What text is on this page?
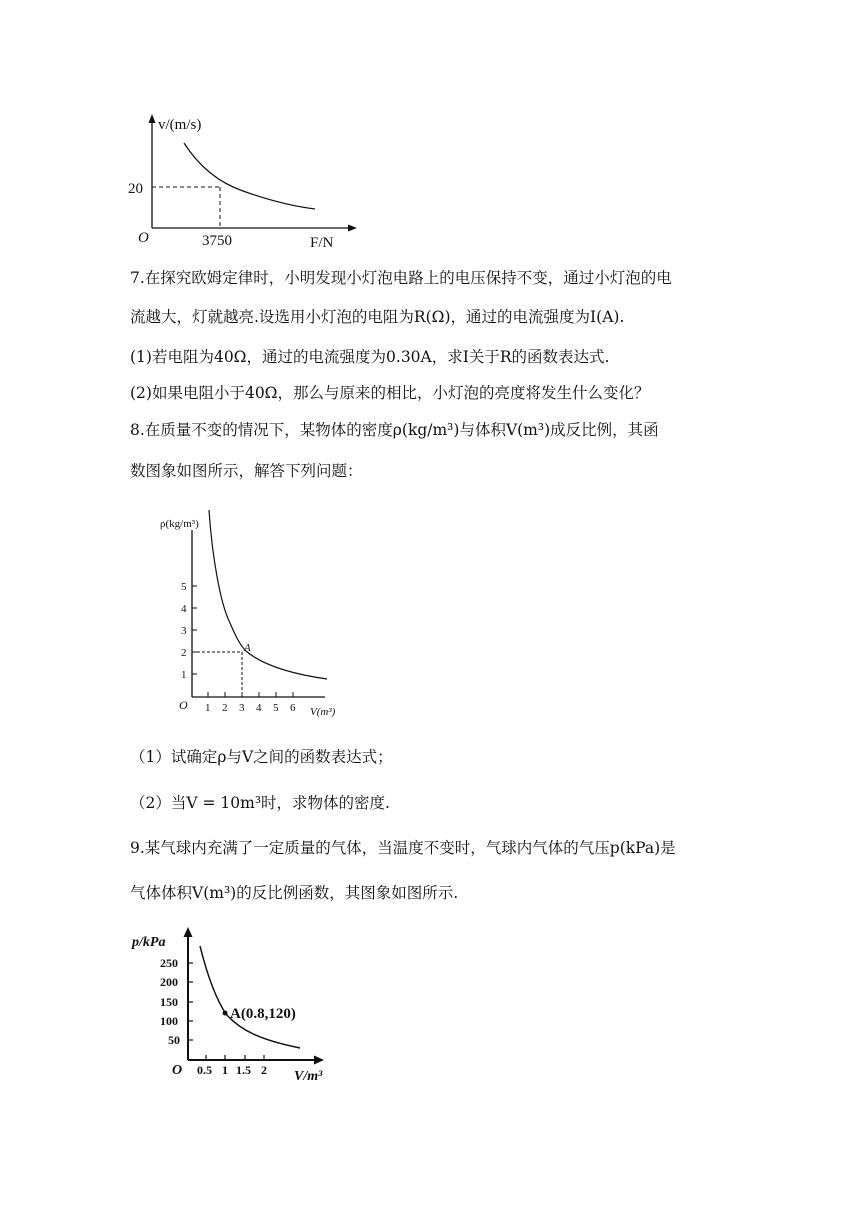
v/(m/s)
20
O	3750	F/N
7.在探究欧姆定律时，小明发现小灯泡电路上的电压保持不变，通过小灯泡的电
流越大，灯就越亮.设选用小灯泡的电阻为R(Ω)，通过的电流强度为I(A).
(1)若电阻为40Ω，通过的电流强度为0.30A，求I关于R的函数表达式.
(2)如果电阻小于40Ω，那么与原来的相比，小灯泡的亮度将发生什么变化？
8.在质量不变的情况下，某物体的密度ρ(kg/m³)与体积V(m³)成反比例，其函
数图象如图所示，解答下列问题：
ρ(kg/m³)
A
1
2
3
4
5
1 2 3 4 5 6
O	V(m³)
（1）试确定ρ与V之间的函数表达式；
（2）当V = 10m³时，求物体的密度.
9.某气球内充满了一定质量的气体，当温度不变时，气球内气体的气压p(kPa)是
气体体积V(m³)的反比例函数，其图象如图所示.
A(0.8,120)
p/kPa
50
100
150
200
250
0.5 1 1.5 2
O	V/m³
